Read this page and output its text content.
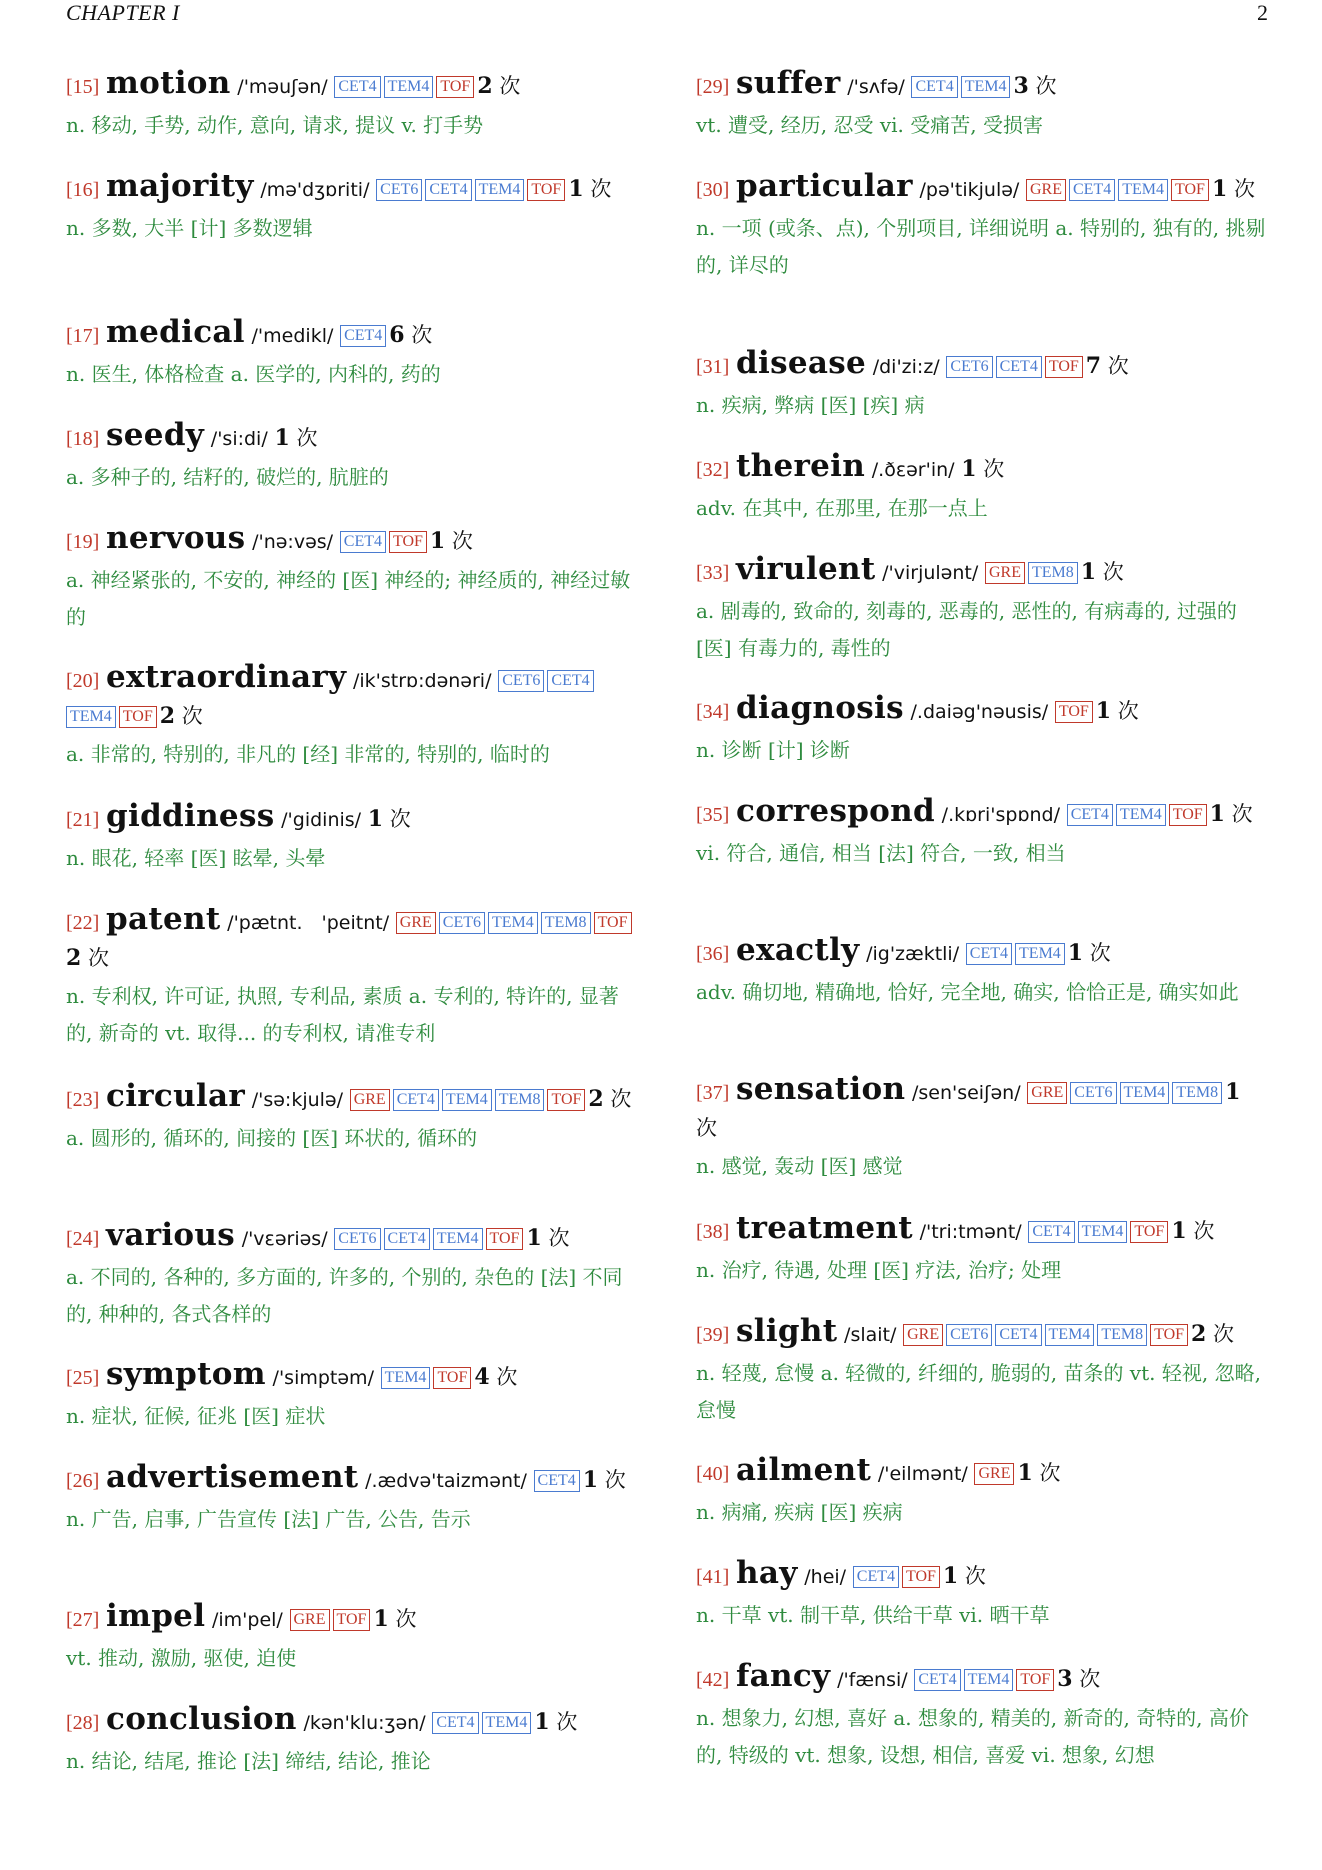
CHAPTER I	2
[15] motion /'məuʃən/ CET4 TEM4 TOF 2 次
n. 移动, 手势, 动作, 意向, 请求, 提议 v. 打手势
[16] majority /mə'dʒɒriti/ CET6 CET4 TEM4 TOF 1 次
n. 多数, 大半 [计] 多数逻辑
[17] medical /'medikl/ CET4 6 次
n. 医生, 体格检查 a. 医学的, 内科的, 药的
[18] seedy /'si:di/ 1 次
a. 多种子的, 结籽的, 破烂的, 肮脏的
[19] nervous /'nə:vəs/ CET4 TOF 1 次
a. 神经紧张的, 不安的, 神经的 [医] 神经的; 神经质的, 神经过敏的
[20] extraordinary /ik'strɒ:dənəri/ CET6 CET4TEM4 TOF 2 次
a. 非常的, 特别的, 非凡的 [经] 非常的, 特别的, 临时的
[21] giddiness /'gidinis/ 1 次
n. 眼花, 轻率 [医] 眩晕, 头晕
[22] patent /'pætnt.　'peitnt/ GRE CET6 TEM4 TEM8 TOF2 次
n. 专利权, 许可证, 执照, 专利品, 素质 a. 专利的, 特许的, 显著的, 新奇的 vt. 取得... 的专利权, 请准专利
[23] circular /'sə:kjulə/ GRE CET4 TEM4 TEM8 TOF 2 次
a. 圆形的, 循环的, 间接的 [医] 环状的, 循环的
[24] various /'vεəriəs/ CET6 CET4 TEM4 TOF 1 次
a. 不同的, 各种的, 多方面的, 许多的, 个别的, 杂色的 [法] 不同的, 种种的, 各式各样的
[25] symptom /'simptəm/ TEM4 TOF 4 次
n. 症状, 征候, 征兆 [医] 症状
[26] advertisement /.ædvə'taizmənt/ CET4 1 次
n. 广告, 启事, 广告宣传 [法] 广告, 公告, 告示
[27] impel /im'pel/ GRE TOF 1 次
vt. 推动, 激励, 驱使, 迫使
[28] conclusion /kən'klu:ʒən/ CET4 TEM4 1 次
n. 结论, 结尾, 推论 [法] 缔结, 结论, 推论
[29] suffer /'sʌfə/ CET4 TEM4 3 次
vt. 遭受, 经历, 忍受 vi. 受痛苦, 受损害
[30] particular /pə'tikjulə/ GRE CET4 TEM4 TOF 1 次
n. 一项 (或条、点), 个别项目, 详细说明 a. 特别的, 独有的, 挑剔的, 详尽的
[31] disease /di'zi:z/ CET6 CET4 TOF 7 次
n. 疾病, 弊病 [医] [疾] 病
[32] therein /.ðεər'in/ 1 次
adv. 在其中, 在那里, 在那一点上
[33] virulent /'virjulənt/ GRE TEM8 1 次
a. 剧毒的, 致命的, 刻毒的, 恶毒的, 恶性的, 有病毒的, 过强的 [医] 有毒力的, 毒性的
[34] diagnosis /.daiəg'nəusis/ TOF 1 次
n. 诊断 [计] 诊断
[35] correspond /.kɒri'spɒnd/ CET4 TEM4 TOF 1 次
vi. 符合, 通信, 相当 [法] 符合, 一致, 相当
[36] exactly /ig'zæktli/ CET4 TEM4 1 次
adv. 确切地, 精确地, 恰好, 完全地, 确实, 恰恰正是, 确实如此
[37] sensation /sen'seiʃən/ GRE CET6 TEM4 TEM8 1 次
n. 感觉, 轰动 [医] 感觉
[38] treatment /'tri:tmənt/ CET4 TEM4 TOF 1 次
n. 治疗, 待遇, 处理 [医] 疗法, 治疗; 处理
[39] slight /slait/ GRE CET6 CET4 TEM4 TEM8 TOF 2 次
n. 轻蔑, 怠慢 a. 轻微的, 纤细的, 脆弱的, 苗条的 vt. 轻视, 忽略, 怠慢
[40] ailment /'eilmənt/ GRE 1 次
n. 病痛, 疾病 [医] 疾病
[41] hay /hei/ CET4 TOF 1 次
n. 干草 vt. 制干草, 供给干草 vi. 晒干草
[42] fancy /'fænsi/ CET4 TEM4 TOF 3 次
n. 想象力, 幻想, 喜好 a. 想象的, 精美的, 新奇的, 奇特的, 高价的, 特级的 vt. 想象, 设想, 相信, 喜爱 vi. 想象, 幻想
